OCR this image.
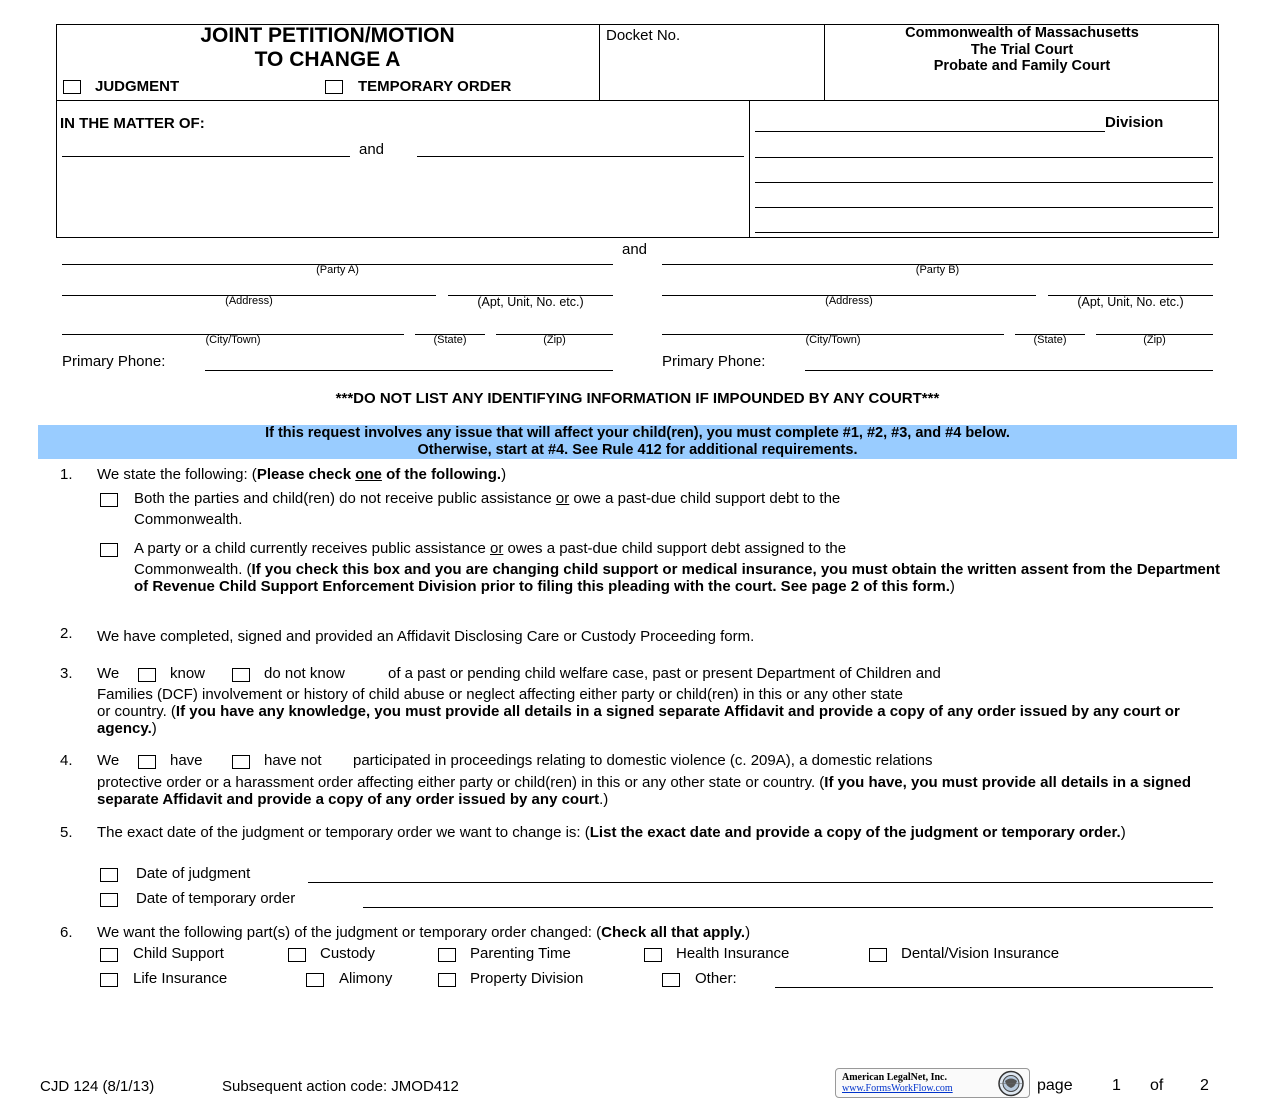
JOINT PETITION/MOTION
TO CHANGE A
JUDGMENT	TEMPORARY ORDER
Docket No.	Commonwealth of Massachusetts
The Trial Court
Probate and Family Court
IN THE MATTER OF:
and
Division
and
(Party A)	(Party B)
(Address)	(Apt, Unit, No. etc.)	(Address)	(Apt, Unit, No. etc.)
(City/Town)	(State)	(Zip)	(City/Town)	(State)	(Zip)
Primary Phone:	Primary Phone:
***DO NOT LIST ANY IDENTIFYING INFORMATION IF IMPOUNDED BY ANY COURT***
If this request involves any issue that will affect your child(ren), you must complete #1, #2, #3, and #4 below.
Otherwise, start at #4. See Rule 412 for additional requirements.
1. We state the following: (Please check one of the following.)
Both the parties and child(ren) do not receive public assistance or owe a past-due child support debt to the
Commonwealth.
A party or a child currently receives public assistance or owes a past-due child support debt assigned to the
Commonwealth. (If you check this box and you are changing child support or medical insurance, you must obtain the written assent from the Department of Revenue Child Support Enforcement Division prior to filing this pleading with the court. See page 2 of this form.)
2. We have completed, signed and provided an Affidavit Disclosing Care or Custody Proceeding form.
3. We	know	do not know	of a past or pending child welfare case, past or present Department of Children and
Families (DCF) involvement or history of child abuse or neglect affecting either party or child(ren) in this or any other state
or country. (If you have any knowledge, you must provide all details in a signed separate Affidavit and provide a copy of any order issued by any court or agency.)
4. We	have	have not participated in proceedings relating to domestic violence (c. 209A), a domestic relations
protective order or a harassment order affecting either party or child(ren) in this or any other state or country. (If you have, you must provide all details in a signed separate Affidavit and provide a copy of any order issued by any court.)
5. The exact date of the judgment or temporary order we want to change is: (List the exact date and provide a copy of the judgment or temporary order.)
Date of judgment
Date of temporary order
6. We want the following part(s) of the judgment or temporary order changed: (Check all that apply.)
Child Support	Custody	Parenting Time	Health Insurance	Dental/Vision Insurance
Life Insurance	Alimony	Property Division	Other:
CJD 124 (8/1/13)	Subsequent action code: JMOD412
American LegalNet, Inc.
www.FormsWorkFlow.com	page 1 of 2
